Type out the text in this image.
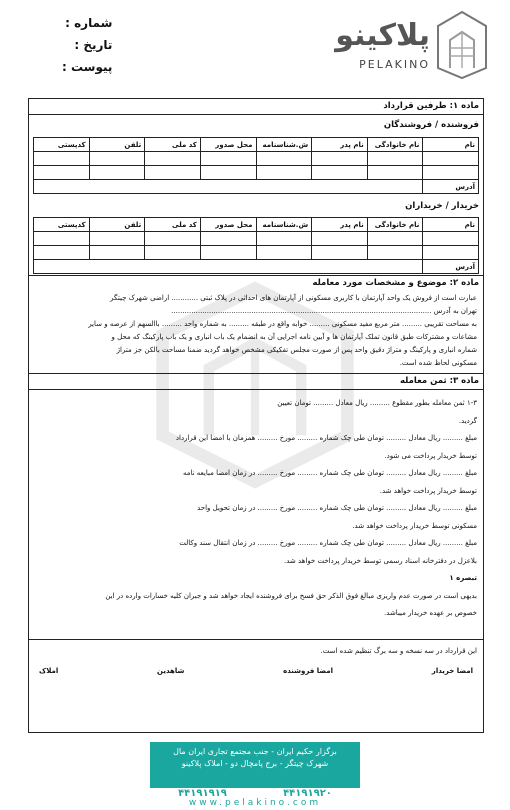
شماره :
تاریخ :
پیوست :
پلاکینو
PELAKINO
ماده ۱: طرفین قرارداد
فروشنده / فروشندگان
نام	نام خانوادگی	نام پدر	ش.شناسنامه	محل صدور	کد ملی	تلفن	کدپستی

آدرس							
خریدار / خریداران
نام	نام خانوادگی	نام پدر	ش.شناسنامه	محل صدور	کد ملی	تلفن	کدپستی

آدرس							
ماده ۲: موضوع و مشخصات مورد معامله

عبارت است از فروش یک واحد آپارتمان با کاربری مسکونی از آپارتمان های احداثی در پلاک ثبتی ............ اراضی شهرک چیتگر

تهران به آدرس .....................................................................................................................

به مساحت تقریبی ......... متر مربع مفید مسکونی ......... خوابه واقع در طبقه ......... به شماره واحد ......... باالسهم از عرصه و سایر

مشاعات و مشترکات طبق قانون تملک آپارتمان ها و آیین نامه اجرایی آن به انضمام یک باب انباری و یک باب پارکینگ که محل و

شماره انباری و پارکینگ و متراژ دقیق واحد پس از صورت مجلس تفکیکی مشخص خواهد گردید ضمنا مساحت بالکن جز متراژ

مسکونی لحاظ شده است.

ماده ۳: ثمن معامله

۱-۳ ثمن معامله بطور مقطوع ......... ریال معادل ......... تومان تعیین

گردید.

مبلغ ......... ریال معادل ......... تومان طی چک شماره ......... مورخ ......... همزمان با امضا این قرارداد

توسط خریدار پرداخت می شود.

مبلغ ......... ریال معادل ......... تومان طی چک شماره ......... مورخ ......... در زمان امضا مبایعه نامه

توسط خریدار پرداخت خواهد شد.

مبلغ ......... ریال معادل ......... تومان طی چک شماره ......... مورخ ......... در زمان تحویل واحد

مسکونی توسط خریدار پرداخت خواهد شد.

مبلغ ......... ریال معادل ......... تومان طی چک شماره ......... مورخ ......... در زمان انتقال سند وکالت

بلاعزل در دفترخانه اسناد رسمی توسط خریدار پرداخت خواهد شد.

تبصره ۱

بدیهی است در صورت عدم واریزی مبالغ فوق الذکر حق فسخ برای فروشنده ایجاد خواهد شد و جبران کلیه خسارات وارده در این

خصوص بر عهده خریدار میباشد.

این قرارداد در سه نسخه و سه برگ تنظیم شده است.

امضا خریدار
امضا فروشنده
شاهدین
املاک

برگزار حکیم ایران - جنب مجتمع تجاری ایران مال

شهرک چیتگر - برج پامچال دو - املاک پلاکینو

۴۴۱۹۱۹۱۹	۴۴۱۹۱۹۲۰
www.pelakino.com
